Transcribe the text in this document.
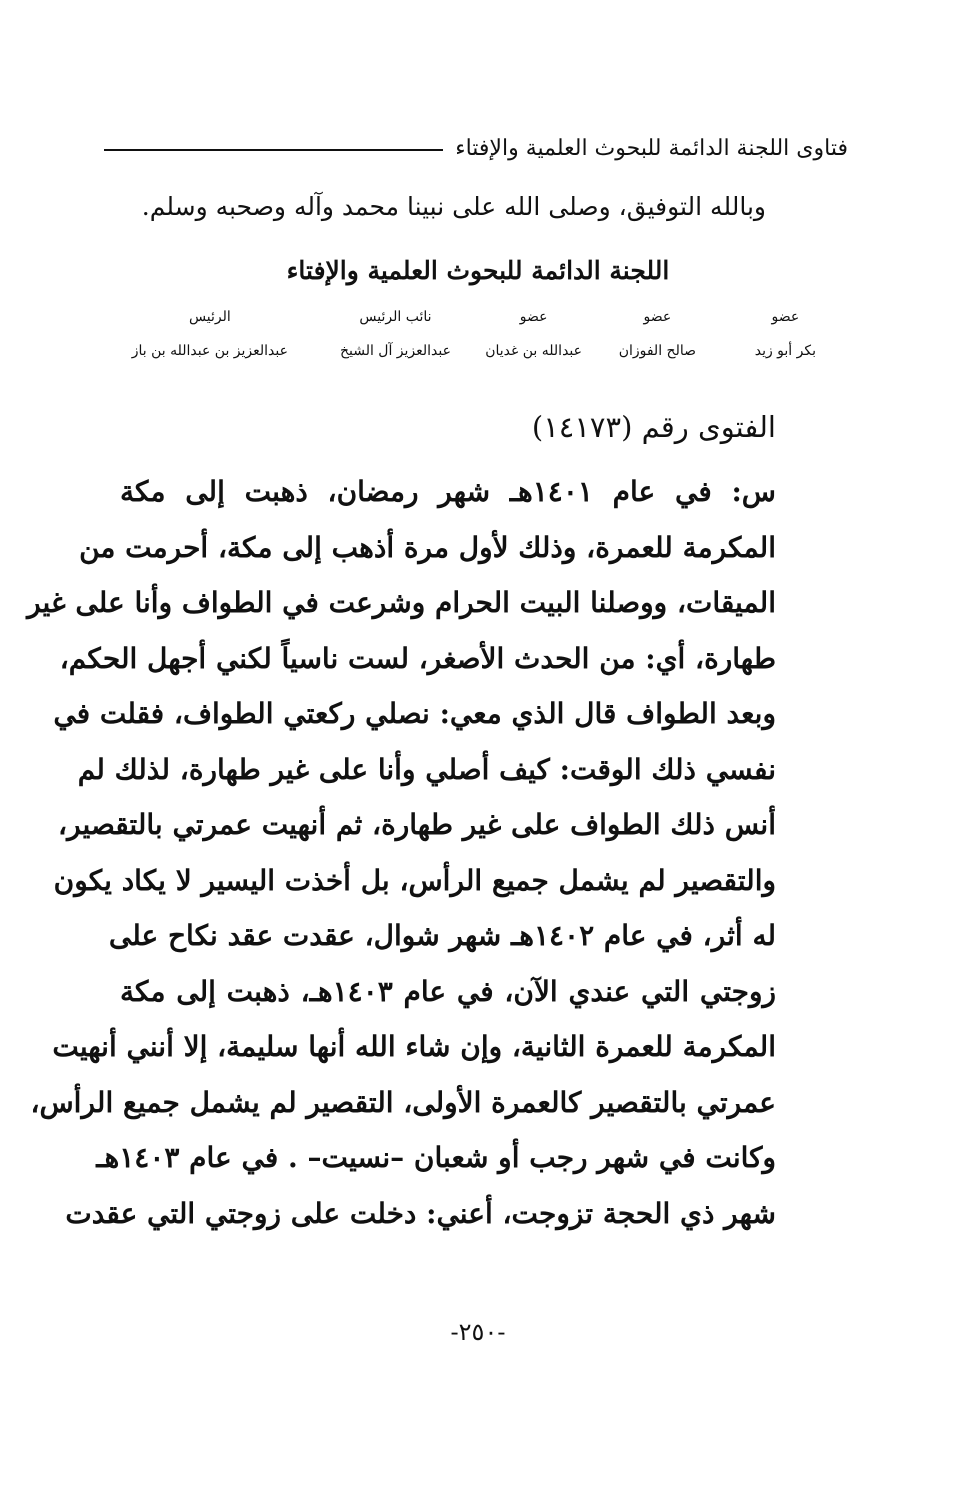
فتاوى اللجنة الدائمة للبحوث العلمية والإفتاء
وبالله التوفيق، وصلى الله على نبينا محمد وآله وصحبه وسلم.
اللجنة الدائمة للبحوث العلمية والإفتاء
عضو
بكر أبو زيد
عضو
صالح الفوزان
عضو
عبدالله بن غديان
نائب الرئيس
عبدالعزيز آل الشيخ
الرئيس
عبدالعزيز بن عبدالله بن باز
الفتوى رقم (١٤١٧٣)
س: في عام ١٤٠١هـ شهر رمضان، ذهبت إلى مكة
المكرمة للعمرة، وذلك لأول مرة أذهب إلى مكة، أحرمت من
الميقات، ووصلنا البيت الحرام وشرعت في الطواف وأنا على غير
طهارة، أي: من الحدث الأصغر، لست ناسياً لكني أجهل الحكم،
وبعد الطواف قال الذي معي: نصلي ركعتي الطواف، فقلت في
نفسي ذلك الوقت: كيف أصلي وأنا على غير طهارة، لذلك لم
أنس ذلك الطواف على غير طهارة، ثم أنهيت عمرتي بالتقصير،
والتقصير لم يشمل جميع الرأس، بل أخذت اليسير لا يكاد يكون
له أثر، في عام ١٤٠٢هـ شهر شوال، عقدت عقد نكاح على
زوجتي التي عندي الآن، في عام ١٤٠٣هـ، ذهبت إلى مكة
المكرمة للعمرة الثانية، وإن شاء الله أنها سليمة، إلا أنني أنهيت
عمرتي بالتقصير كالعمرة الأولى، التقصير لم يشمل جميع الرأس،
وكانت في شهر رجب أو شعبان –نسيت– . في عام ١٤٠٣هـ
شهر ذي الحجة تزوجت، أعني: دخلت على زوجتي التي عقدت
-٢٥٠-
